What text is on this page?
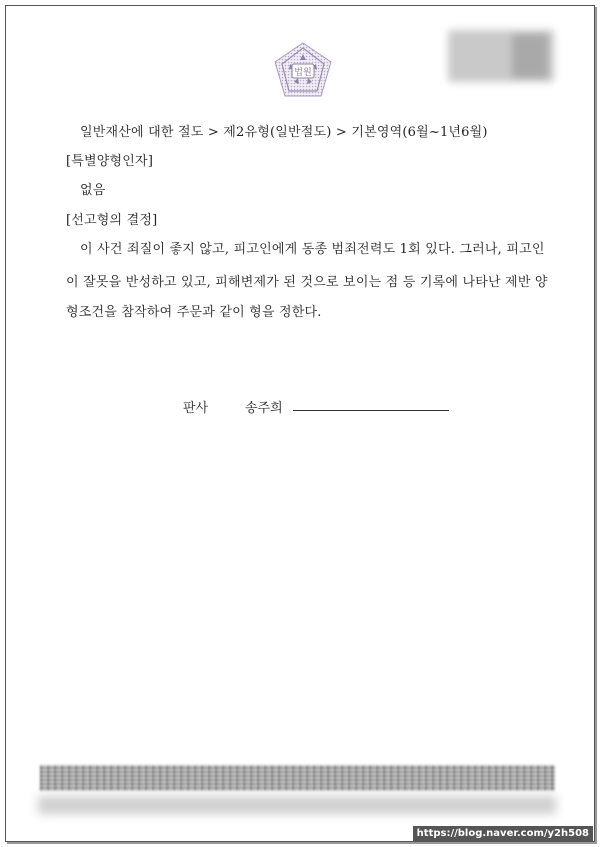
법원
일반재산에 대한 절도 > 제2유형(일반절도) > 기본영역(6월~1년6월)
[특별양형인자]
없음
[선고형의 결정]
이 사건 죄질이 좋지 않고, 피고인에게 동종 범죄전력도 1회 있다. 그러나, 피고인
이 잘못을 반성하고 있고, 피해변제가 된 것으로 보이는 점 등 기록에 나타난 제반 양
형조건을 참작하여 주문과 같이 형을 정한다.
판사	송주희
https://blog.naver.com/y2h508
